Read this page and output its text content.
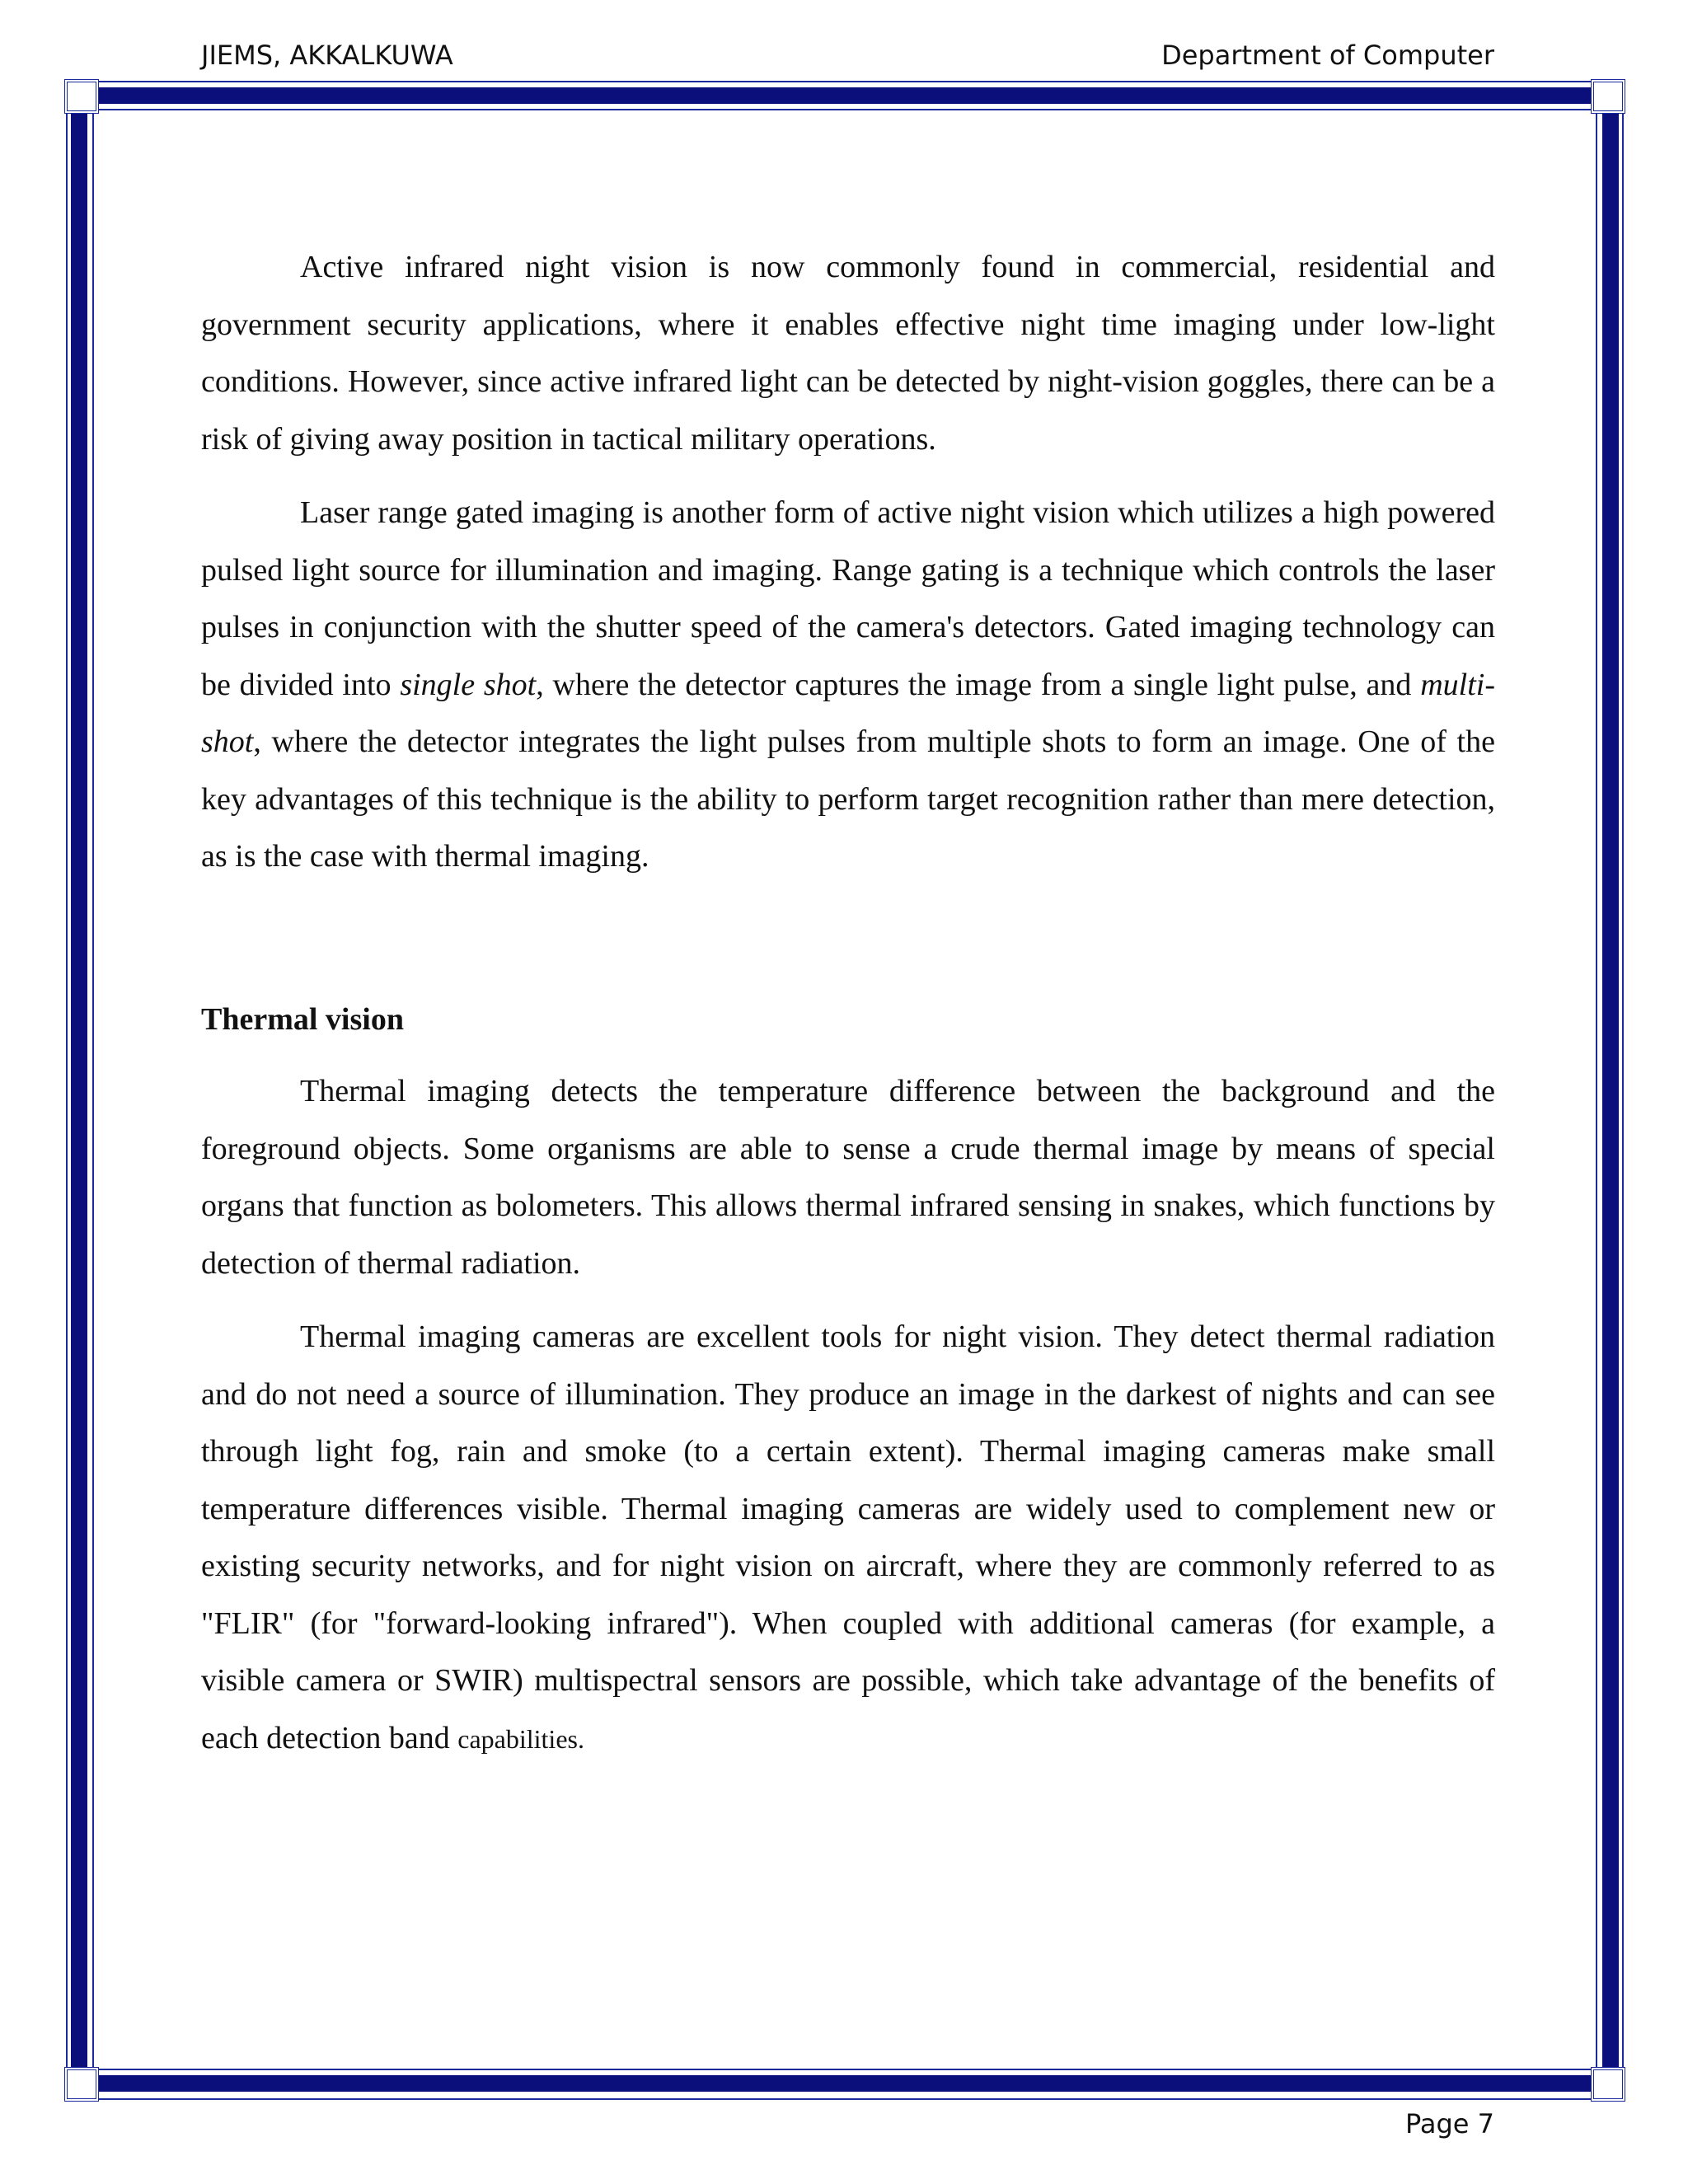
JIEMS, AKKALKUWA	Department of Computer

Active infrared night vision is now commonly found in commercial, residential and government security applications, where it enables effective night time imaging under low-light conditions. However, since active infrared light can be detected by night-vision goggles, there can be a risk of giving away position in tactical military operations.

Laser range gated imaging is another form of active night vision which utilizes a high powered pulsed light source for illumination and imaging. Range gating is a technique which controls the laser pulses in conjunction with the shutter speed of the camera's detectors. Gated imaging technology can be divided into single shot, where the detector captures the image from a single light pulse, and multi-shot, where the detector integrates the light pulses from multiple shots to form an image. One of the key advantages of this technique is the ability to perform target recognition rather than mere detection, as is the case with thermal imaging.

Thermal vision

Thermal imaging detects the temperature difference between the background and the foreground objects. Some organisms are able to sense a crude thermal image by means of special organs that function as bolometers. This allows thermal infrared sensing in snakes, which functions by detection of thermal radiation.

Thermal imaging cameras are excellent tools for night vision. They detect thermal radiation and do not need a source of illumination. They produce an image in the darkest of nights and can see through light fog, rain and smoke (to a certain extent). Thermal imaging cameras make small temperature differences visible. Thermal imaging cameras are widely used to complement new or existing security networks, and for night vision on aircraft, where they are commonly referred to as "FLIR" (for "forward-looking infrared"). When coupled with additional cameras (for example, a visible camera or SWIR) multispectral sensors are possible, which take advantage of the benefits of each detection band capabilities.

Page 7
